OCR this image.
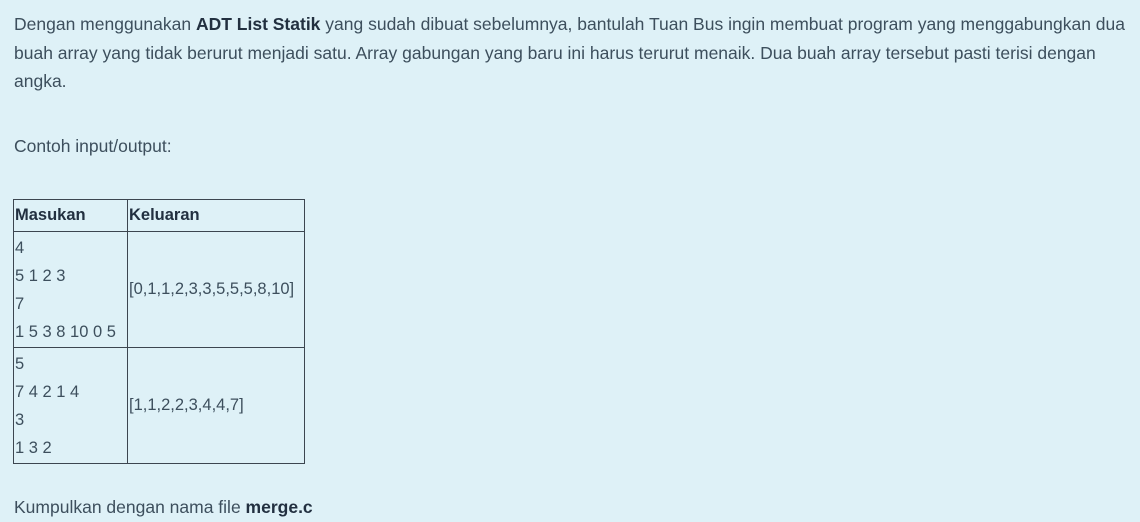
Dengan menggunakan ADT List Statik yang sudah dibuat sebelumnya, bantulah Tuan Bus ingin membuat program yang menggabungkan dua buah array yang tidak berurut menjadi satu. Array gabungan yang baru ini harus terurut menaik. Dua buah array tersebut pasti terisi dengan angka.
Contoh input/output:
Masukan	Keluaran

4
5 1 2 3
7
1 5 3 8 10 0 5	[0,1,1,2,3,3,5,5,5,8,10]

5
7 4 2 1 4
3
1 3 2	[1,1,2,2,3,4,4,7]
Kumpulkan dengan nama file merge.c
